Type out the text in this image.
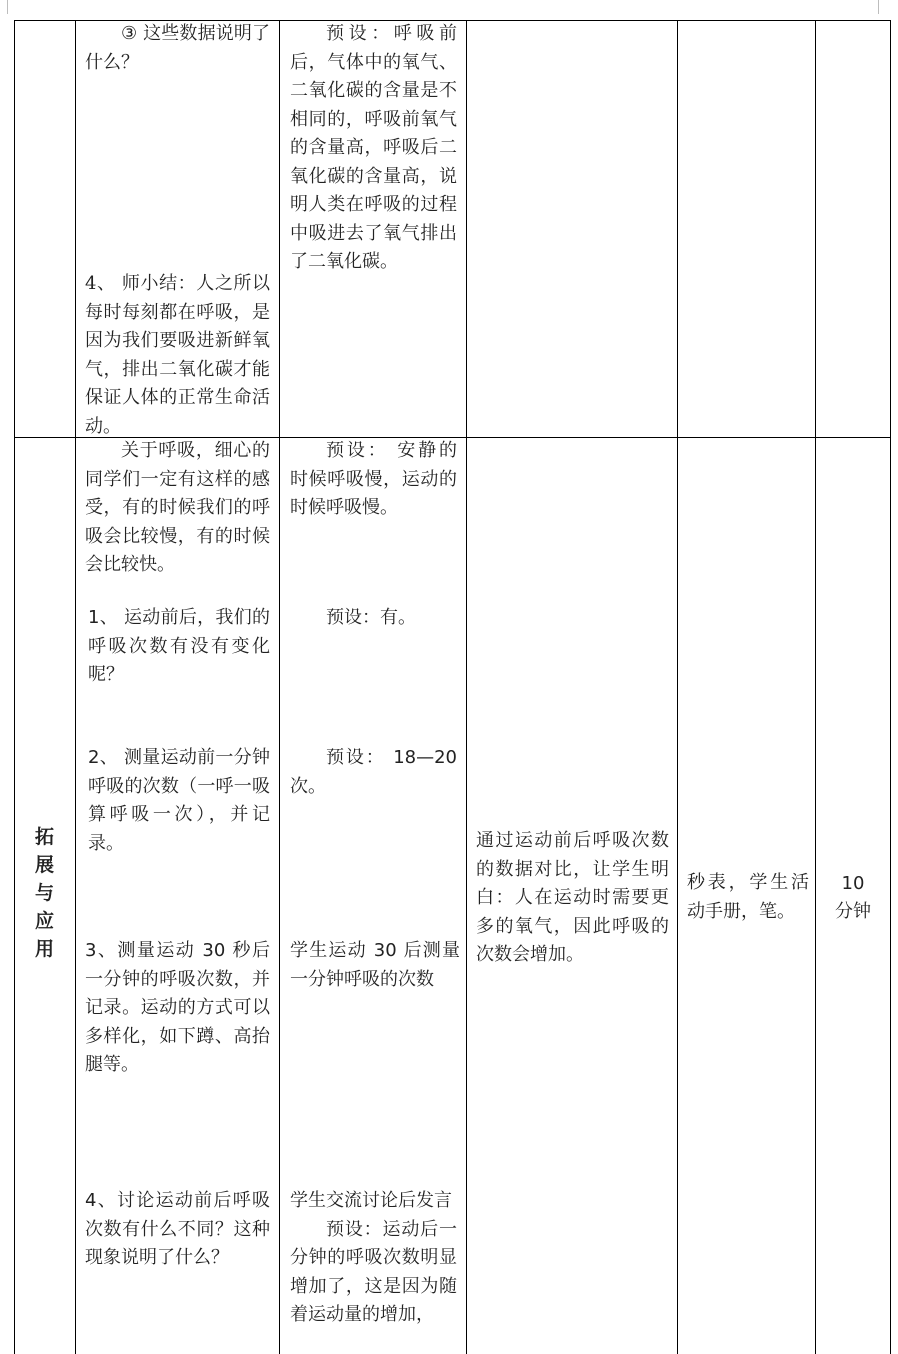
③ 这些数据说明了什么？

4、 师小结：人之所以每时每刻都在呼吸，是因为我们要吸进新鲜氧气，排出二氧化碳才能保证人体的正常生命活动。

预设：呼吸前后，气体中的氧气、二氧化碳的含量是不相同的，呼吸前氧气的含量高，呼吸后二氧化碳的含量高，说明人类在呼吸的过程中吸进去了氧气排出了二氧化碳。

拓
展
与
应
用

关于呼吸，细心的同学们一定有这样的感受，有的时候我们的呼吸会比较慢，有的时候会比较快。

1、 运动前后，我们的呼吸次数有没有变化呢？

2、 测量运动前一分钟呼吸的次数（一呼一吸算呼吸一次），并记录。

3、测量运动 30 秒后一分钟的呼吸次数，并记录。运动的方式可以多样化，如下蹲、高抬腿等。

4、讨论运动前后呼吸次数有什么不同？这种现象说明了什么？

预设： 安静的时候呼吸慢，运动的时候呼吸慢。

预设：有。

预设： 18—20次。

学生运动 30 后测量一分钟呼吸的次数

学生交流讨论后发言

预设：运动后一分钟的呼吸次数明显增加了，这是因为随着运动量的增加，

通过运动前后呼吸次数的数据对比，让学生明白：人在运动时需要更多的氧气，因此呼吸的次数会增加。

秒表，学生活动手册，笔。

10
分钟
